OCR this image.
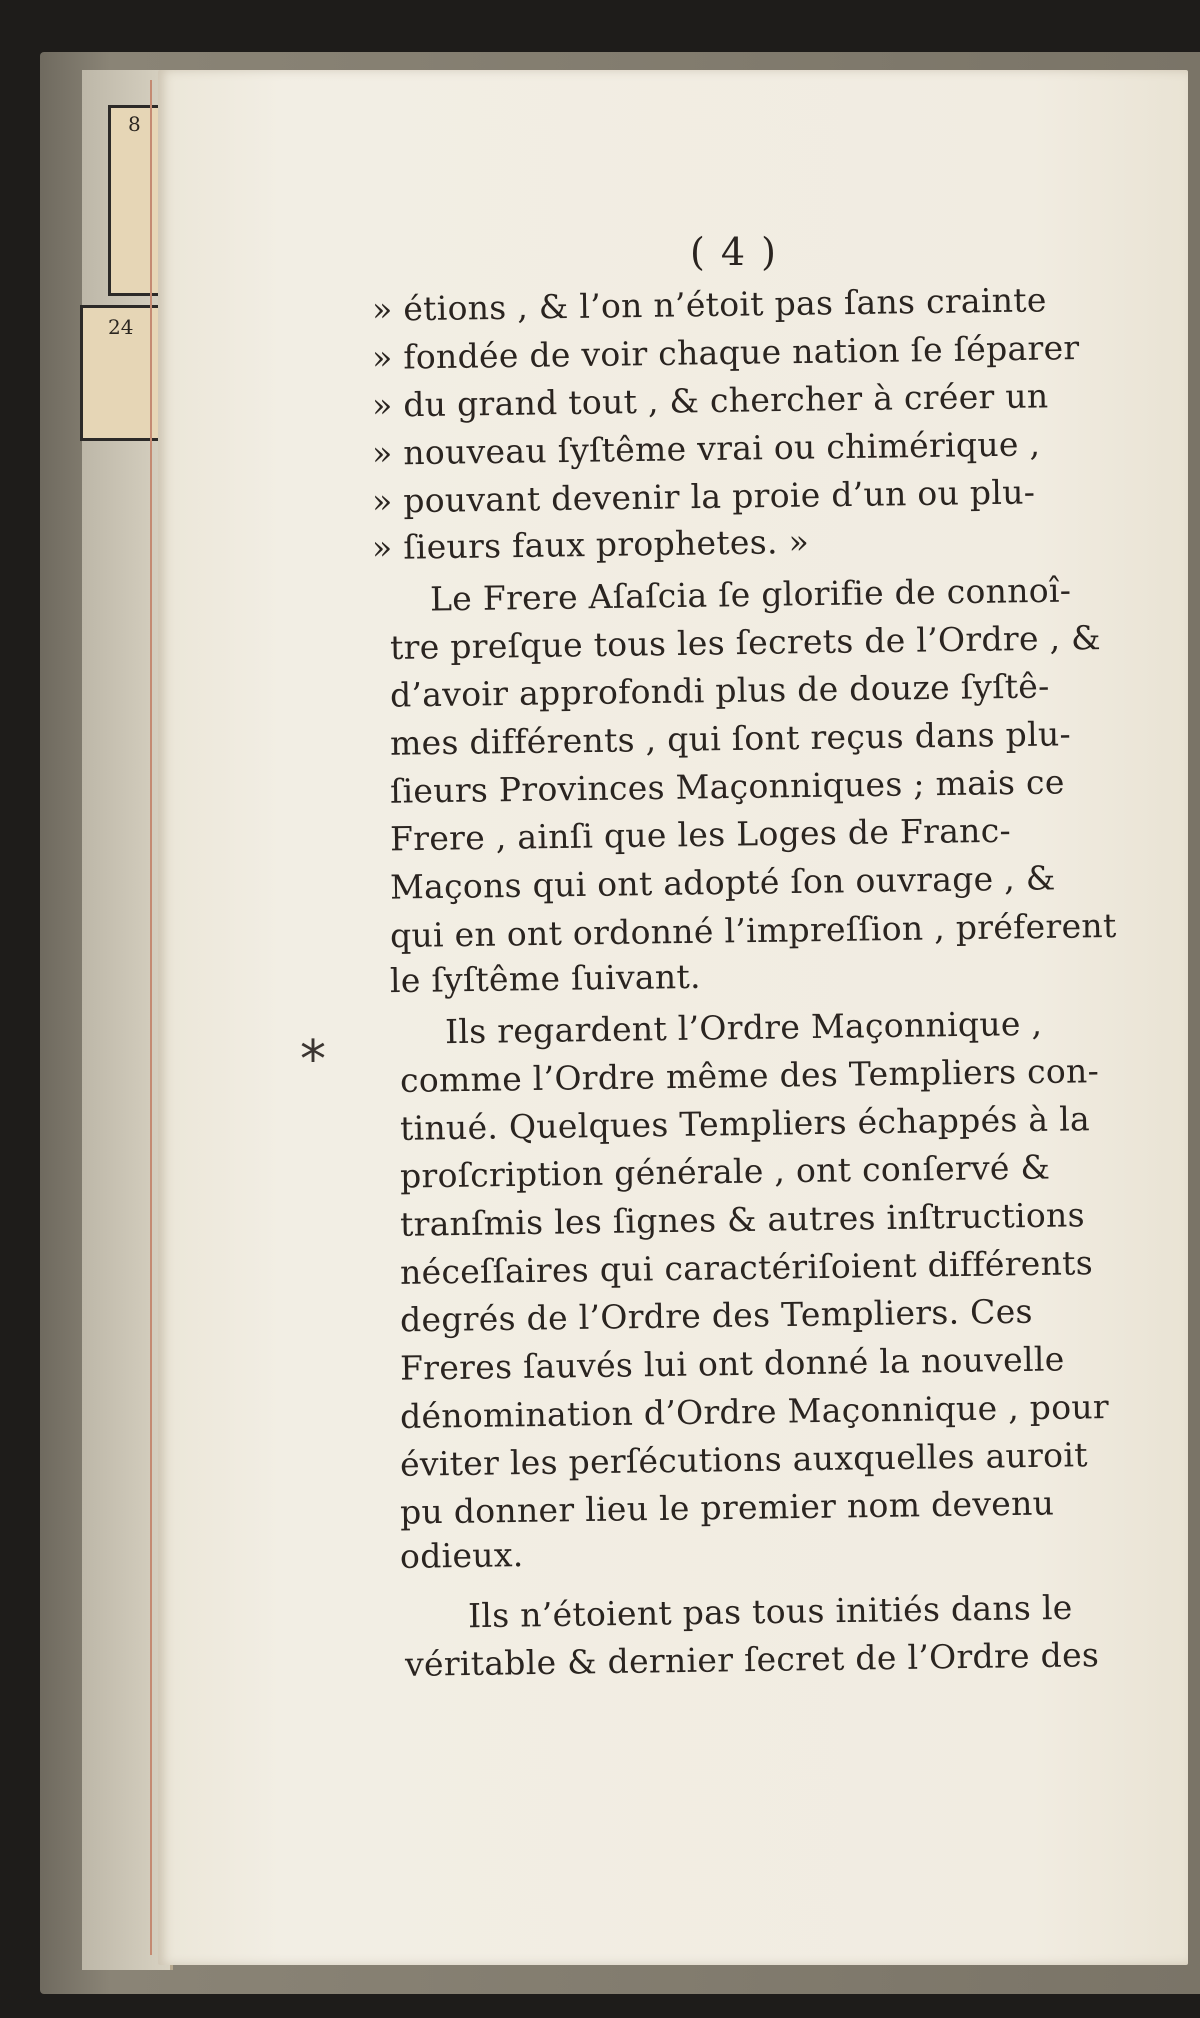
8
24
( 4 )
*
» étions , & l’on n’étoit pas ſans crainte
» fondée de voir chaque nation ſe ſéparer
» du grand tout , & chercher à créer un
» nouveau ſyſtême vrai ou chimérique ,
» pouvant devenir la proie d’un ou plu-
» ſieurs faux prophetes. »
Le Frere Aſaſcia ſe glorifie de connoî-
tre preſque tous les ſecrets de l’Ordre , &
d’avoir approfondi plus de douze ſyſtê-
mes différents , qui ſont reçus dans plu-
ſieurs Provinces Maçonniques ; mais ce
Frere , ainſi que les Loges de Franc-
Maçons qui ont adopté ſon ouvrage , &
qui en ont ordonné l’impreſſion , préferent
le ſyſtême ſuivant.
Ils regardent l’Ordre Maçonnique ,
comme l’Ordre même des Templiers con-
tinué. Quelques Templiers échappés à la
proſcription générale , ont conſervé &
tranſmis les ſignes & autres inſtructions
néceſſaires qui caractériſoient différents
degrés de l’Ordre des Templiers. Ces
Freres ſauvés lui ont donné la nouvelle
dénomination d’Ordre Maçonnique , pour
éviter les perſécutions auxquelles auroit
pu donner lieu le premier nom devenu
odieux.
Ils n’étoient pas tous initiés dans le
véritable & dernier ſecret de l’Ordre des
